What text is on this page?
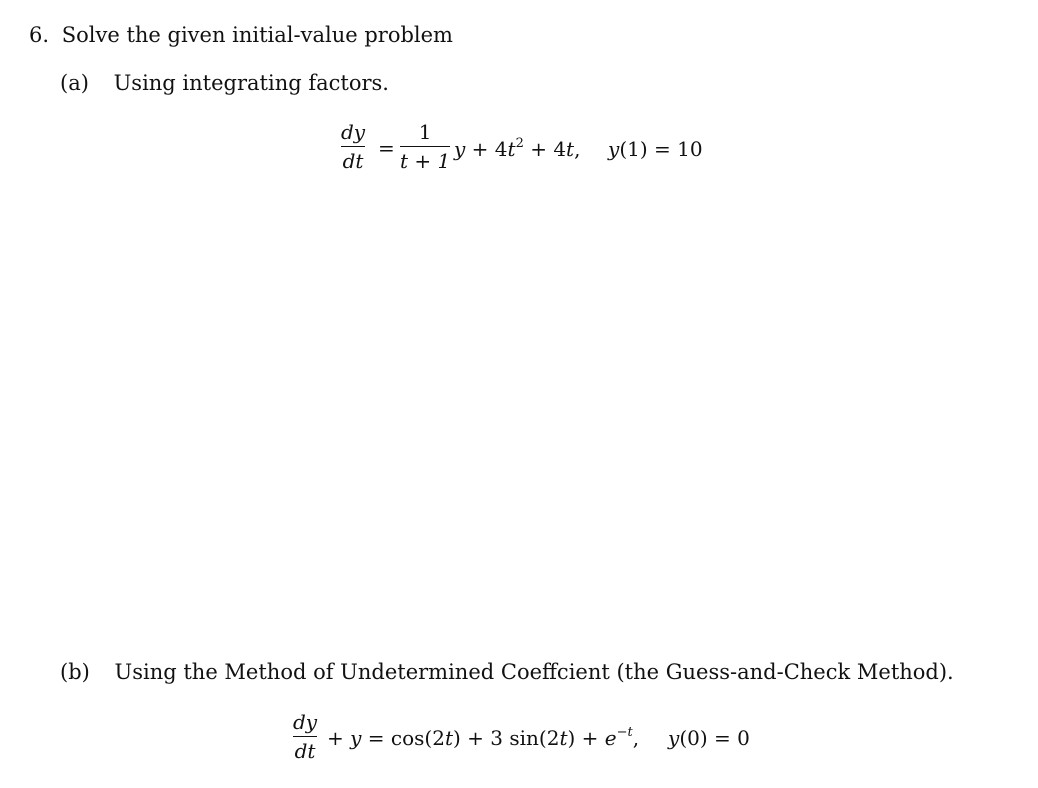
6. Solve the given initial-value problem
(a) Using integrating factors.
dy
dt
=
1
t + 1 $y + 4t^2 + 4t$, y(1) = 10
(b) Using the Method of Undetermined Coeffcient (the Guess-and-Check Method).
dy
dt
+ y = cos(2t) + 3 $\sin(2t) + e^{-t}$, y(0) = 0
